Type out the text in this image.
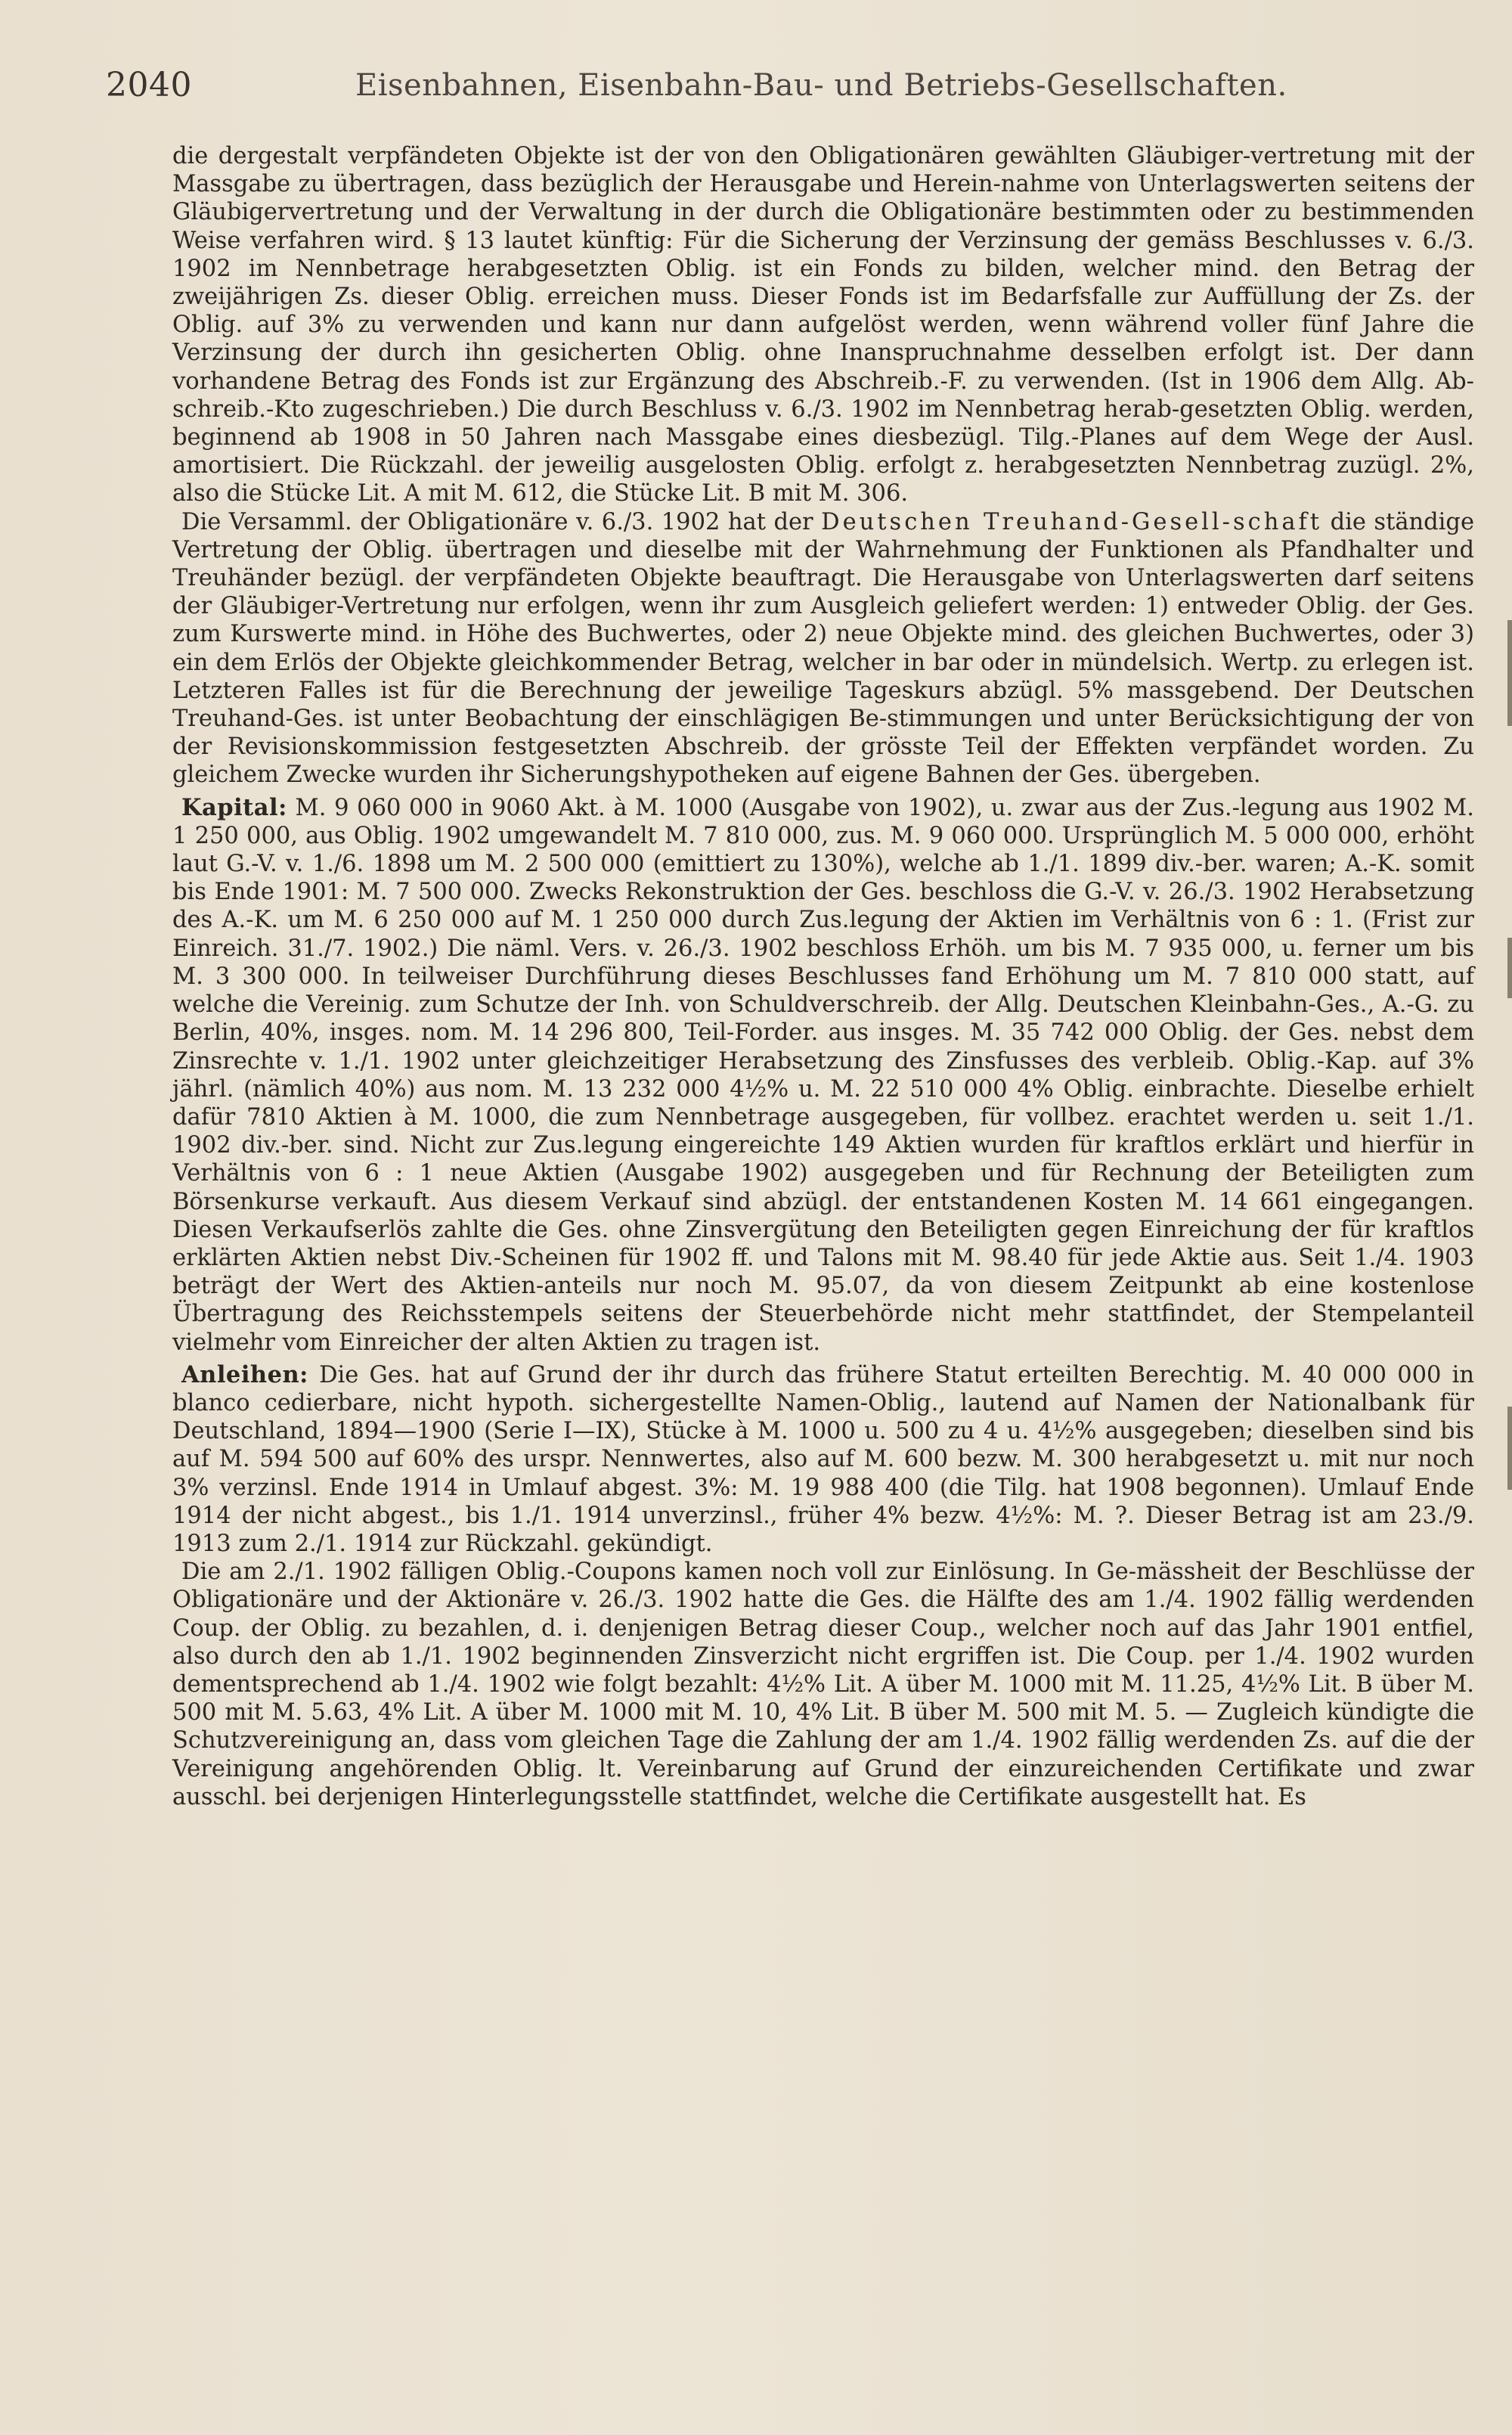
2040	Eisenbahnen, Eisenbahn-Bau- und Betriebs-Gesellschaften.

die dergestalt verpfändeten Objekte ist der von den Obligationären gewählten Gläubiger-vertretung mit der Massgabe zu übertragen, dass bezüglich der Herausgabe und Herein-nahme von Unterlagswerten seitens der Gläubigervertretung und der Verwaltung in der durch die Obligationäre bestimmten oder zu bestimmenden Weise verfahren wird. § 13 lautet künftig: Für die Sicherung der Verzinsung der gemäss Beschlusses v. 6./3. 1902 im Nennbetrage herabgesetzten Oblig. ist ein Fonds zu bilden, welcher mind. den Betrag der zweijährigen Zs. dieser Oblig. erreichen muss. Dieser Fonds ist im Bedarfsfalle zur Auffüllung der Zs. der Oblig. auf 3% zu verwenden und kann nur dann aufgelöst werden, wenn während voller fünf Jahre die Verzinsung der durch ihn gesicherten Oblig. ohne Inanspruchnahme desselben erfolgt ist. Der dann vorhandene Betrag des Fonds ist zur Ergänzung des Abschreib.-F. zu verwenden. (Ist in 1906 dem Allg. Ab-schreib.-Kto zugeschrieben.) Die durch Beschluss v. 6./3. 1902 im Nennbetrag herab-gesetzten Oblig. werden, beginnend ab 1908 in 50 Jahren nach Massgabe eines diesbezügl. Tilg.-Planes auf dem Wege der Ausl. amortisiert. Die Rückzahl. der jeweilig ausgelosten Oblig. erfolgt z. herabgesetzten Nennbetrag zuzügl. 2%, also die Stücke Lit. A mit M. 612, die Stücke Lit. B mit M. 306.

Die Versamml. der Obligationäre v. 6./3. 1902 hat der Deutschen Treuhand-Gesell-schaft die ständige Vertretung der Oblig. übertragen und dieselbe mit der Wahrnehmung der Funktionen als Pfandhalter und Treuhänder bezügl. der verpfändeten Objekte beauftragt. Die Herausgabe von Unterlagswerten darf seitens der Gläubiger-Vertretung nur erfolgen, wenn ihr zum Ausgleich geliefert werden: 1) entweder Oblig. der Ges. zum Kurswerte mind. in Höhe des Buchwertes, oder 2) neue Objekte mind. des gleichen Buchwertes, oder 3) ein dem Erlös der Objekte gleichkommender Betrag, welcher in bar oder in mündelsich. Wertp. zu erlegen ist. Letzteren Falles ist für die Berechnung der jeweilige Tageskurs abzügl. 5% massgebend. Der Deutschen Treuhand-Ges. ist unter Beobachtung der einschlägigen Be-stimmungen und unter Berücksichtigung der von der Revisionskommission festgesetzten Abschreib. der grösste Teil der Effekten verpfändet worden. Zu gleichem Zwecke wurden ihr Sicherungshypotheken auf eigene Bahnen der Ges. übergeben.

Kapital: M. 9 060 000 in 9060 Akt. à M. 1000 (Ausgabe von 1902), u. zwar aus der Zus.-legung aus 1902 M. 1 250 000, aus Oblig. 1902 umgewandelt M. 7 810 000, zus. M. 9 060 000. Ursprünglich M. 5 000 000, erhöht laut G.-V. v. 1./6. 1898 um M. 2 500 000 (emittiert zu 130%), welche ab 1./1. 1899 div.-ber. waren; A.-K. somit bis Ende 1901: M. 7 500 000. Zwecks Rekonstruktion der Ges. beschloss die G.-V. v. 26./3. 1902 Herabsetzung des A.-K. um M. 6 250 000 auf M. 1 250 000 durch Zus.legung der Aktien im Verhältnis von 6 : 1. (Frist zur Einreich. 31./7. 1902.) Die näml. Vers. v. 26./3. 1902 beschloss Erhöh. um bis M. 7 935 000, u. ferner um bis M. 3 300 000. In teilweiser Durchführung dieses Beschlusses fand Erhöhung um M. 7 810 000 statt, auf welche die Vereinig. zum Schutze der Inh. von Schuldverschreib. der Allg. Deutschen Kleinbahn-Ges., A.-G. zu Berlin, 40%, insges. nom. M. 14 296 800, Teil-Forder. aus insges. M. 35 742 000 Oblig. der Ges. nebst dem Zinsrechte v. 1./1. 1902 unter gleichzeitiger Herabsetzung des Zinsfusses des verbleib. Oblig.-Kap. auf 3% jährl. (nämlich 40%) aus nom. M. 13 232 000 4½% u. M. 22 510 000 4% Oblig. einbrachte. Dieselbe erhielt dafür 7810 Aktien à M. 1000, die zum Nennbetrage ausgegeben, für vollbez. erachtet werden u. seit 1./1. 1902 div.-ber. sind. Nicht zur Zus.legung eingereichte 149 Aktien wurden für kraftlos erklärt und hierfür in Verhältnis von 6 : 1 neue Aktien (Ausgabe 1902) ausgegeben und für Rechnung der Beteiligten zum Börsenkurse verkauft. Aus diesem Verkauf sind abzügl. der entstandenen Kosten M. 14 661 eingegangen. Diesen Verkaufserlös zahlte die Ges. ohne Zinsvergütung den Beteiligten gegen Einreichung der für kraftlos erklärten Aktien nebst Div.-Scheinen für 1902 ff. und Talons mit M. 98.40 für jede Aktie aus. Seit 1./4. 1903 beträgt der Wert des Aktien-anteils nur noch M. 95.07, da von diesem Zeitpunkt ab eine kostenlose Übertragung des Reichsstempels seitens der Steuerbehörde nicht mehr stattfindet, der Stempelanteil vielmehr vom Einreicher der alten Aktien zu tragen ist.

Anleihen: Die Ges. hat auf Grund der ihr durch das frühere Statut erteilten Berechtig. M. 40 000 000 in blanco cedierbare, nicht hypoth. sichergestellte Namen-Oblig., lautend auf Namen der Nationalbank für Deutschland, 1894—1900 (Serie I—IX), Stücke à M. 1000 u. 500 zu 4 u. 4½% ausgegeben; dieselben sind bis auf M. 594 500 auf 60% des urspr. Nennwertes, also auf M. 600 bezw. M. 300 herabgesetzt u. mit nur noch 3% verzinsl. Ende 1914 in Umlauf abgest. 3%: M. 19 988 400 (die Tilg. hat 1908 begonnen). Umlauf Ende 1914 der nicht abgest., bis 1./1. 1914 unverzinsl., früher 4% bezw. 4½%: M. ?. Dieser Betrag ist am 23./9. 1913 zum 2./1. 1914 zur Rückzahl. gekündigt.

Die am 2./1. 1902 fälligen Oblig.-Coupons kamen noch voll zur Einlösung. In Ge-mässheit der Beschlüsse der Obligationäre und der Aktionäre v. 26./3. 1902 hatte die Ges. die Hälfte des am 1./4. 1902 fällig werdenden Coup. der Oblig. zu bezahlen, d. i. denjenigen Betrag dieser Coup., welcher noch auf das Jahr 1901 entfiel, also durch den ab 1./1. 1902 beginnenden Zinsverzicht nicht ergriffen ist. Die Coup. per 1./4. 1902 wurden dementsprechend ab 1./4. 1902 wie folgt bezahlt: 4½% Lit. A über M. 1000 mit M. 11.25, 4½% Lit. B über M. 500 mit M. 5.63, 4% Lit. A über M. 1000 mit M. 10, 4% Lit. B über M. 500 mit M. 5. — Zugleich kündigte die Schutzvereinigung an, dass vom gleichen Tage die Zahlung der am 1./4. 1902 fällig werdenden Zs. auf die der Vereinigung angehörenden Oblig. lt. Vereinbarung auf Grund der einzureichenden Certifikate und zwar ausschl. bei derjenigen Hinterlegungsstelle stattfindet, welche die Certifikate ausgestellt hat. Es
